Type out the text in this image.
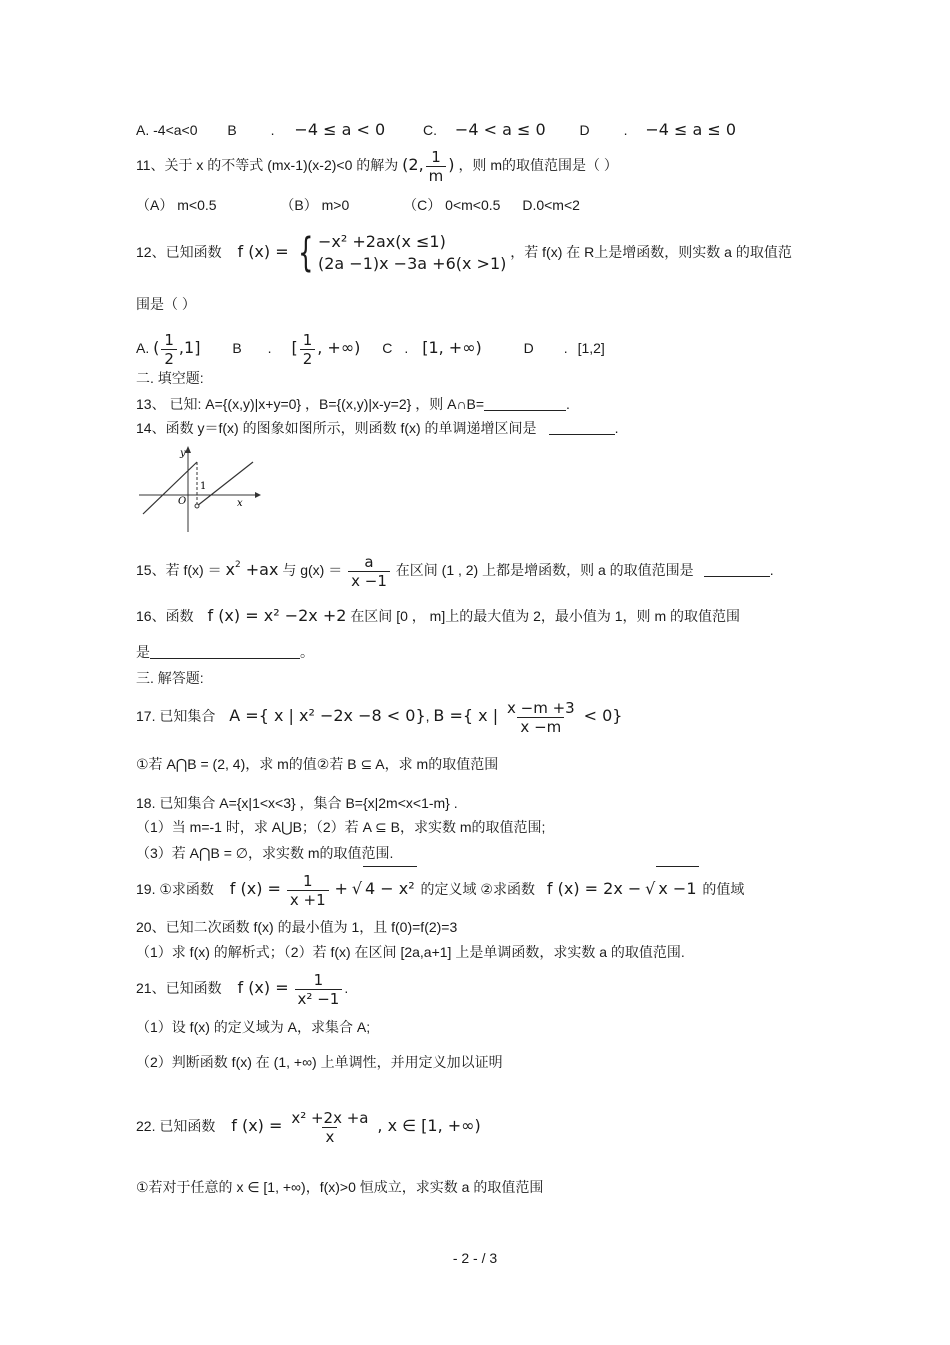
A. -4<a<0 B . −4 ≤ a < 0	C. −4 < a ≤ 0 D . −4 ≤ a ≤ 0
11、关于 x 的不等式 (mx-1)(x-2)<0 的解为 (2, $\frac{1}{m}$ ) ，则 m的取值范围是（ ）
（A） m<0.5	（B） m>0	（C） 0<m<0.5 D.0<m<2
12、已知函数 f (x) = { −x² +2ax(x ≤1)
(2a −1)x −3a +6(x >1)
，若 f(x) 在 R上是增函数，则实数 a 的取值范
围是（ ）
A. ( $\frac{1}{2} ,1$] B . [ $\frac{1}{2}$ , +∞) C . [1, +∞)	D . [1,2]
二. 填空题:
13、 已知: A={(x,y)|x+y=0} ，B={(x,y)|x-y=2} ，则 A∩B=	.
14、函数 y＝f(x) 的图象如图所示，则函数 f(x) 的单调递增区间是	.
y
O
1
x
15、若 $f(x) = x^2 +ax$ 与 $g(x) = \frac{a}{x -1}$ 在区间 (1 , 2) 上都是增函数，则 a 的取值范围是	.
16、函数 f (x) = x² −2x +2 在区间 [0 ， m]上的最大值为 2，最小值为 1，则 m 的取值范围
是	。
三. 解答题:
17. 已知集合 A ={ x | x² −2x −8 < 0}, B ={ x | $\frac{x -m +3}{x -m} < 0$}
①若 A⋂B = (2, 4)，求 m的值②若 B ⊆ A，求 m的取值范围
18. 已知集合 A={x|1<x<3} ，集合 B={x|2m<x<1-m} .
（1）当 m=-1 时，求 A⋃B；（2）若 A ⊆ B，求实数 m的取值范围;
（3）若 A⋂B = ∅，求实数 m的取值范围.
19. ①求函数 f $(x) = \frac{1}{x +1}$ + √ 4 − x² 的定义域 ②求函数 f (x) = 2x − √ x −1 的值域
20、已知二次函数 f(x) 的最小值为 1，且 f(0)=f(2)=3
（1）求 f(x) 的解析式；（2）若 f(x) 在区间 [2a,a+1] 上是单调函数，求实数 a 的取值范围.
21、已知函数 f $(x) = \frac{1}{\text{x² −1}}$ .
（1）设 f(x) 的定义域为 A，求集合 A;
（2）判断函数 f(x) 在 (1, +∞) 上单调性，并用定义加以证明
22. 已知函数 f $(x) = \frac{\text{x² +2x +a}}{x}$ , x ∈ [1, +∞)
①若对于任意的 x ∈ [1, +∞)，f(x)>0 恒成立，求实数 a 的取值范围
- 2 - / 3
